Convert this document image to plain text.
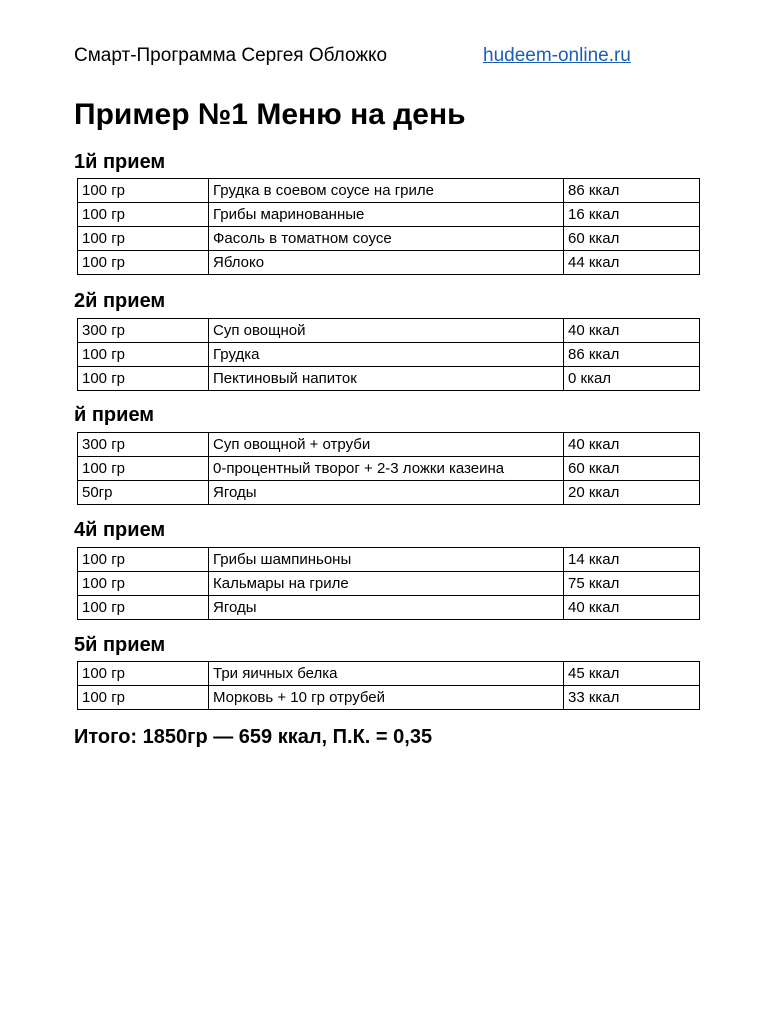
Смарт-Программа Сергея Обложко	hudeem-online.ru
Пример №1 Меню на день
1й прием
100 гр	Грудка в соевом соусе на гриле	86 ккал
100 гр	Грибы маринованные	16 ккал
100 гр	Фасоль в томатном соусе	60 ккал
100 гр	Яблоко	44 ккал
2й прием
300 гр	Суп овощной	40 ккал
100 гр	Грудка	86 ккал
100 гр	Пектиновый напиток	0 ккал
й прием
300 гр	Суп овощной + отруби	40 ккал
100 гр	0-процентный творог + 2-3 ложки казеина	60 ккал
50гр	Ягоды	20 ккал
4й прием
100 гр	Грибы шампиньоны	14 ккал
100 гр	Кальмары на гриле	75 ккал
100 гр	Ягоды	40 ккал
5й прием
100 гр	Три яичных белка	45 ккал
100 гр	Морковь + 10 гр отрубей	33 ккал

Итого: 1850гр — 659 ккал, П.К. = 0,35
